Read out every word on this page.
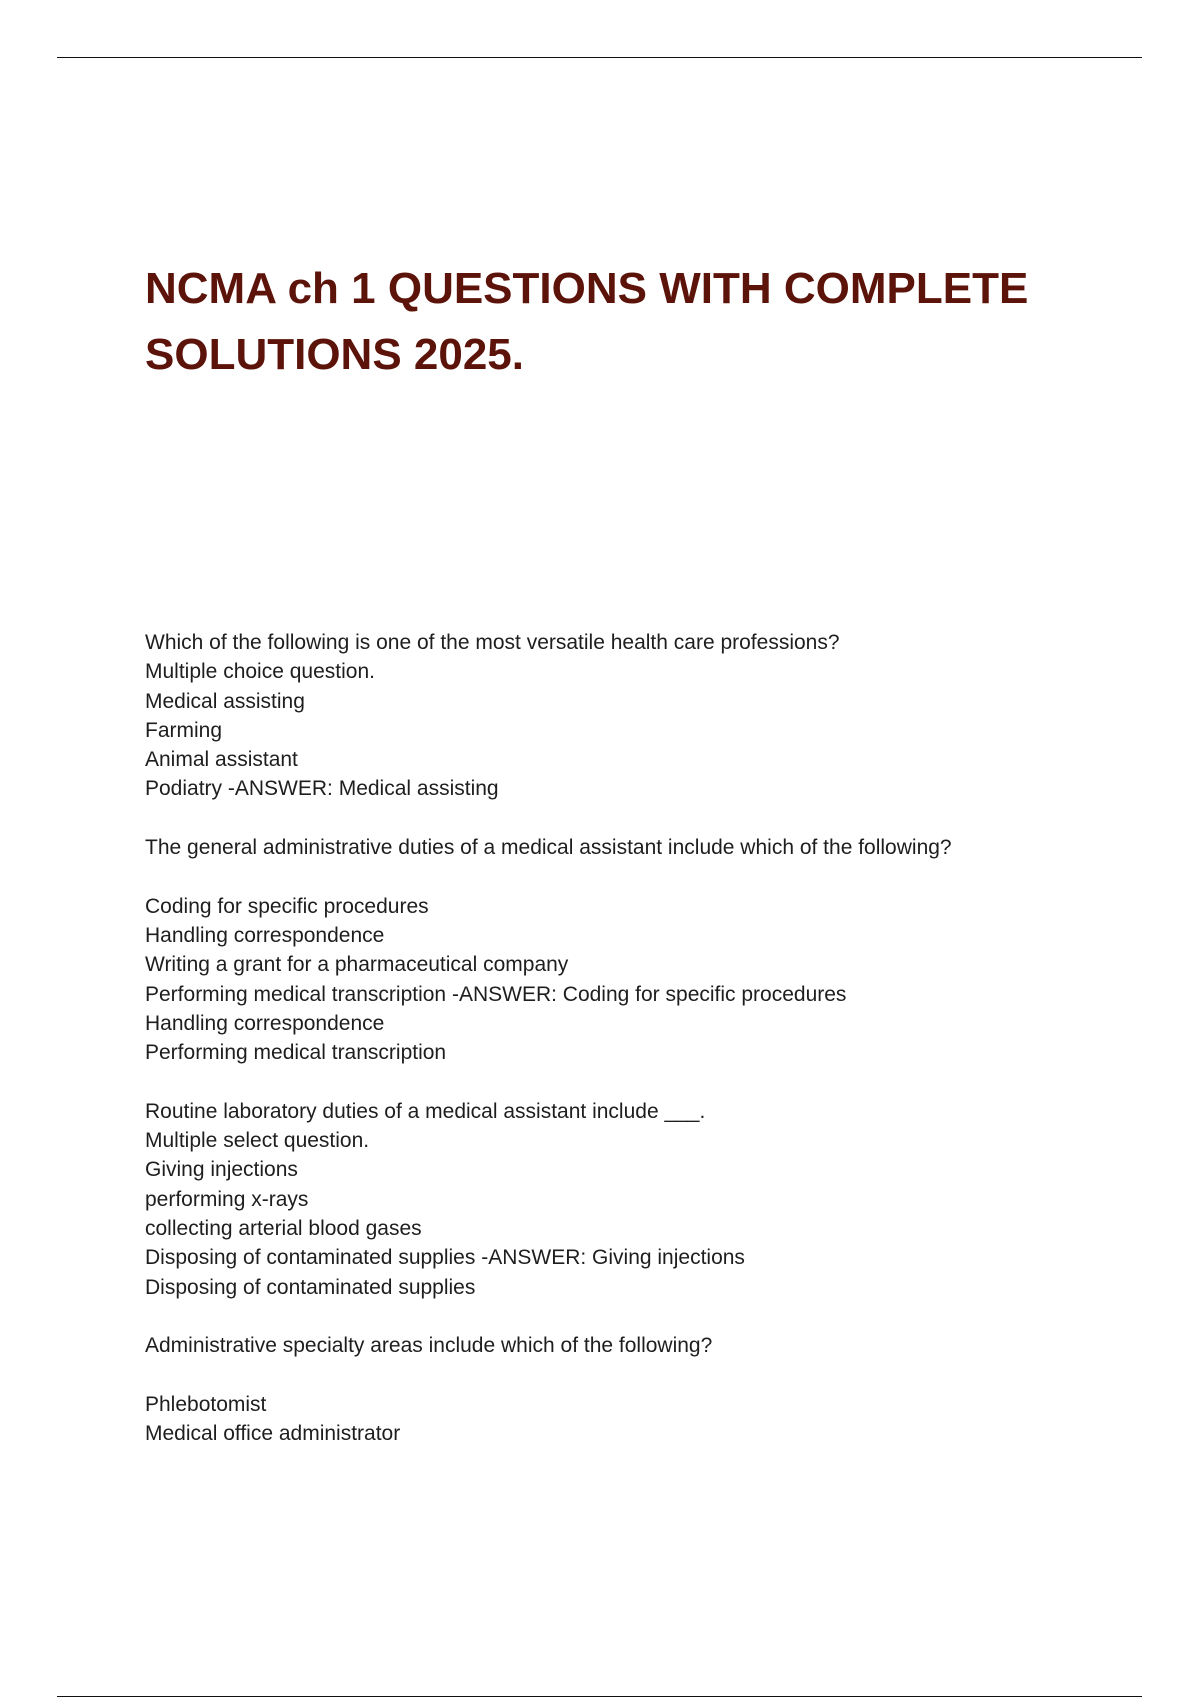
NCMA ch 1 QUESTIONS WITH COMPLETE SOLUTIONS 2025.
Which of the following is one of the most versatile health care professions?
Multiple choice question.
Medical assisting
Farming
Animal assistant
Podiatry -ANSWER: Medical assisting
The general administrative duties of a medical assistant include which of the following?
Coding for specific procedures
Handling correspondence
Writing a grant for a pharmaceutical company
Performing medical transcription -ANSWER: Coding for specific procedures
Handling correspondence
Performing medical transcription
Routine laboratory duties of a medical assistant include ___.
Multiple select question.
Giving injections
performing x-rays
collecting arterial blood gases
Disposing of contaminated supplies -ANSWER: Giving injections
Disposing of contaminated supplies
Administrative specialty areas include which of the following?
Phlebotomist
Medical office administrator
